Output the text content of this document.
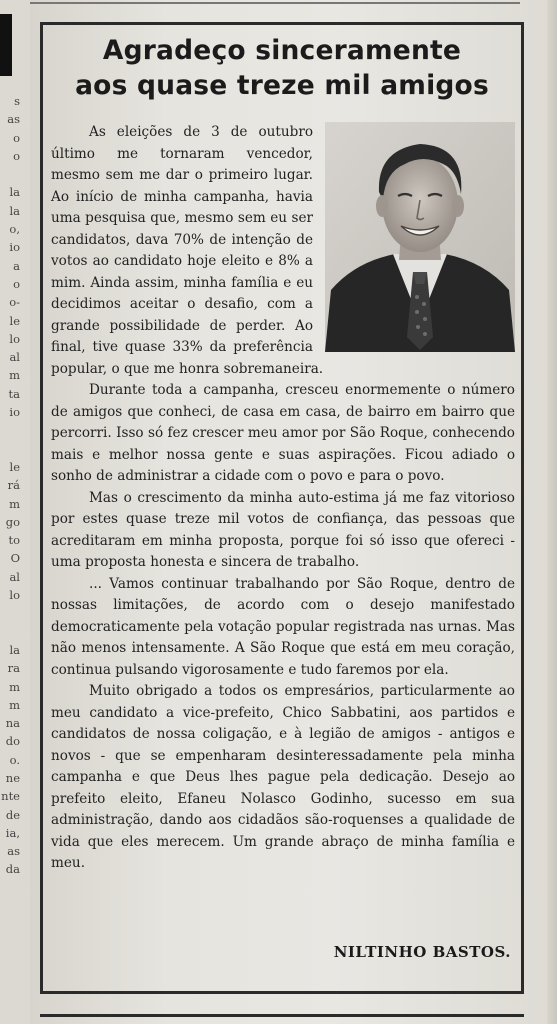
s
as
o
o
la
la
o,
io
a
o
o-
le
lo
al
m
ta
io
le
rá
m
go
to
O
al
lo
la
ra
m
m
na
do
o.
ne
nte
de
ia,
as
da
Agradeço sinceramente
aos quase treze mil amigos

As eleições de 3 de outubro último me tornaram vencedor, mesmo sem me dar o primeiro lugar. Ao início de minha campanha, havia uma pesquisa que, mesmo sem eu ser candidatos, dava 70% de intenção de votos ao candidato hoje eleito e 8% a mim. Ainda assim, minha família e eu decidimos aceitar o desafio, com a grande possibilidade de perder. Ao final, tive quase 33% da preferência popular, o que me honra sobremaneira.

Durante toda a campanha, cresceu enormemente o número de amigos que conheci, de casa em casa, de bairro em bairro que percorri. Isso só fez crescer meu amor por São Roque, conhecendo mais e melhor nossa gente e suas aspirações. Ficou adiado o sonho de administrar a cidade com o povo e para o povo.

Mas o crescimento da minha auto-estima já me faz vitorioso por estes quase treze mil votos de confiança, das pessoas que acreditaram em minha proposta, porque foi só isso que ofereci - uma proposta honesta e sincera de trabalho.

... Vamos continuar trabalhando por São Roque, dentro de nossas limitações, de acordo com o desejo manifestado democraticamente pela votação popular registrada nas urnas. Mas não menos intensamente. A São Roque que está em meu coração, continua pulsando vigorosamente e tudo faremos por ela.

Muito obrigado a todos os empresários, particularmente ao meu candidato a vice-prefeito, Chico Sabbatini, aos partidos e candidatos de nossa coligação, e à legião de amigos - antigos e novos - que se empenharam desinteressadamente pela minha campanha e que Deus lhes pague pela dedicação. Desejo ao prefeito eleito, Efaneu Nolasco Godinho, sucesso em sua administração, dando aos cidadãos são-roquenses a qualidade de vida que eles merecem. Um grande abraço de minha família e meu.

NILTINHO BASTOS.
